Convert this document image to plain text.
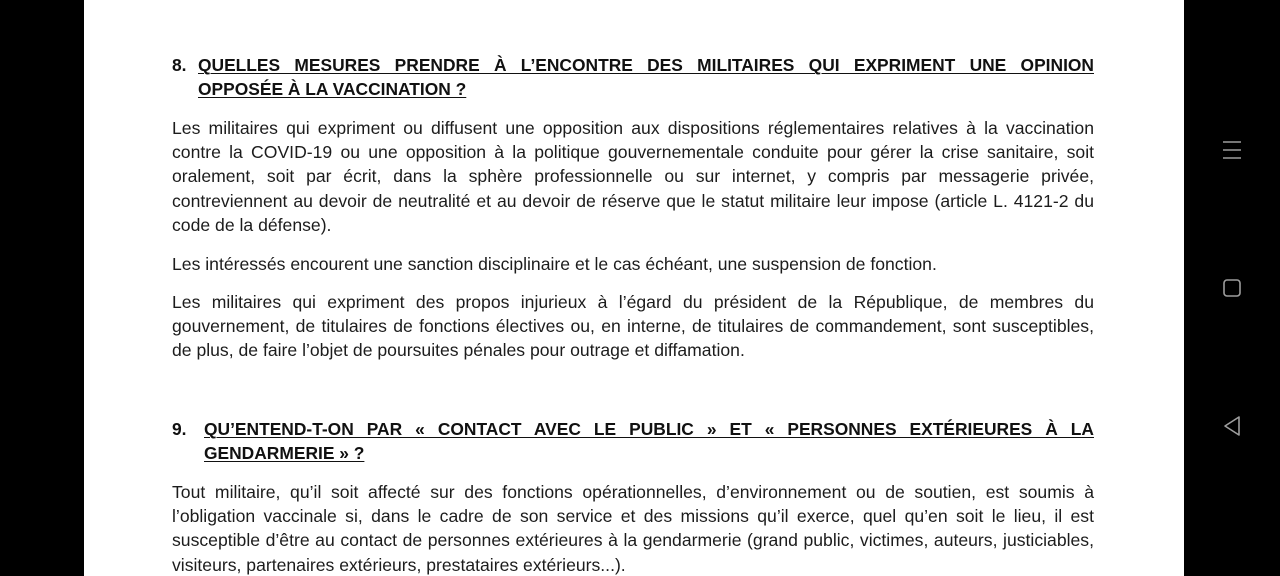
8. QUELLES MESURES PRENDRE À L’ENCONTRE DES MILITAIRES QUI EXPRIMENT UNE OPINION
OPPOSÉE À LA VACCINATION ?

Les militaires qui expriment ou diffusent une opposition aux dispositions réglementaires relatives à la vaccination contre la COVID-19 ou une opposition à la politique gouvernementale conduite pour gérer la crise sanitaire, soit oralement, soit par écrit, dans la sphère professionnelle ou sur internet, y compris par messagerie privée, contreviennent au devoir de neutralité et au devoir de réserve que le statut militaire leur impose (article L. 4121-2 du code de la défense).

Les intéressés encourent une sanction disciplinaire et le cas échéant, une suspension de fonction.

Les militaires qui expriment des propos injurieux à l’égard du président de la République, de membres du gouvernement, de titulaires de fonctions électives ou, en interne, de titulaires de commandement, sont susceptibles, de plus, de faire l’objet de poursuites pénales pour outrage et diffamation.

9. QU’ENTEND-T-ON PAR « CONTACT AVEC LE PUBLIC » ET « PERSONNES EXTÉRIEURES À LA
GENDARMERIE » ?

Tout militaire, qu’il soit affecté sur des fonctions opérationnelles, d’environnement ou de soutien, est soumis à l’obligation vaccinale si, dans le cadre de son service et des missions qu’il exerce, quel qu’en soit le lieu, il est susceptible d’être au contact de personnes extérieures à la gendarmerie (grand public, victimes, auteurs, justiciables, visiteurs, partenaires extérieurs, prestataires extérieurs...).
